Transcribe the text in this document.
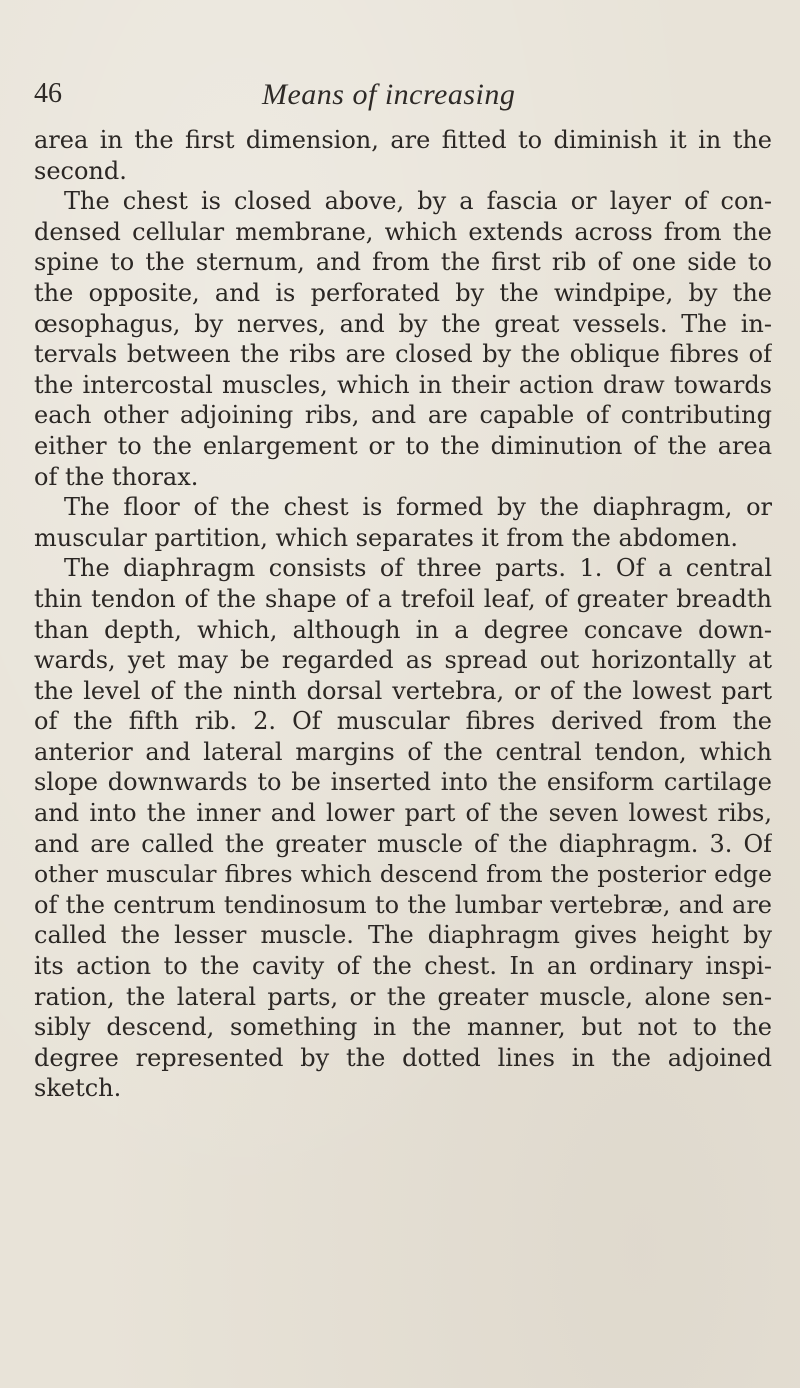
46	Means of increasing
area in the first dimension, are fitted to diminish it in the
second.
The chest is closed above, by a fascia or layer of con-
densed cellular membrane, which extends across from the
spine to the sternum, and from the first rib of one side to
the opposite, and is perforated by the windpipe, by the
œsophagus, by nerves, and by the great vessels. The in-
tervals between the ribs are closed by the oblique fibres of
the intercostal muscles, which in their action draw towards
each other adjoining ribs, and are capable of contributing
either to the enlargement or to the diminution of the area
of the thorax.
The floor of the chest is formed by the diaphragm, or
muscular partition, which separates it from the abdomen.
The diaphragm consists of three parts. 1. Of a central
thin tendon of the shape of a trefoil leaf, of greater breadth
than depth, which, although in a degree concave down-
wards, yet may be regarded as spread out horizontally at
the level of the ninth dorsal vertebra, or of the lowest part
of the fifth rib. 2. Of muscular fibres derived from the
anterior and lateral margins of the central tendon, which
slope downwards to be inserted into the ensiform cartilage
and into the inner and lower part of the seven lowest ribs,
and are called the greater muscle of the diaphragm. 3. Of
other muscular fibres which descend from the posterior edge
of the centrum tendinosum to the lumbar vertebræ, and are
called the lesser muscle. The diaphragm gives height by
its action to the cavity of the chest. In an ordinary inspi-
ration, the lateral parts, or the greater muscle, alone sen-
sibly descend, something in the manner, but not to the
degree represented by the dotted lines in the adjoined
sketch.
